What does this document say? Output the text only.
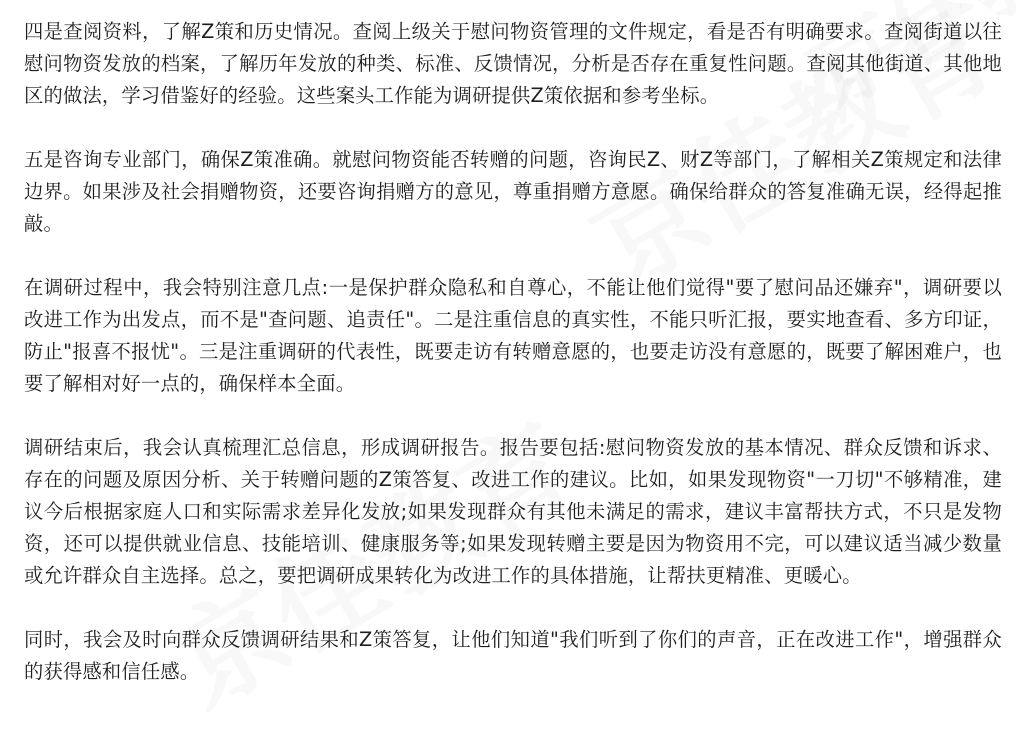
四是查阅资料，了解Z策和历史情况。查阅上级关于慰问物资管理的文件规定，看是否有明确要求。查阅街道以往慰问物资发放的档案，了解历年发放的种类、标准、反馈情况，分析是否存在重复性问题。查阅其他街道、其他地区的做法，学习借鉴好的经验。这些案头工作能为调研提供Z策依据和参考坐标。

五是咨询专业部门，确保Z策准确。就慰问物资能否转赠的问题，咨询民Z、财Z等部门，了解相关Z策规定和法律边界。如果涉及社会捐赠物资，还要咨询捐赠方的意见，尊重捐赠方意愿。确保给群众的答复准确无误，经得起推敲。

在调研过程中，我会特别注意几点:一是保护群众隐私和自尊心，不能让他们觉得"要了慰问品还嫌弃"，调研要以改进工作为出发点，而不是"查问题、追责任"。二是注重信息的真实性，不能只听汇报，要实地查看、多方印证，防止"报喜不报忧"。三是注重调研的代表性，既要走访有转赠意愿的，也要走访没有意愿的，既要了解困难户，也要了解相对好一点的，确保样本全面。

调研结束后，我会认真梳理汇总信息，形成调研报告。报告要包括:慰问物资发放的基本情况、群众反馈和诉求、存在的问题及原因分析、关于转赠问题的Z策答复、改进工作的建议。比如，如果发现物资"一刀切"不够精准，建议今后根据家庭人口和实际需求差异化发放;如果发现群众有其他未满足的需求，建议丰富帮扶方式，不只是发物资，还可以提供就业信息、技能培训、健康服务等;如果发现转赠主要是因为物资用不完，可以建议适当减少数量或允许群众自主选择。总之，要把调研成果转化为改进工作的具体措施，让帮扶更精准、更暖心。

同时，我会及时向群众反馈调研结果和Z策答复，让他们知道"我们听到了你们的声音，正在改进工作"，增强群众的获得感和信任感。
